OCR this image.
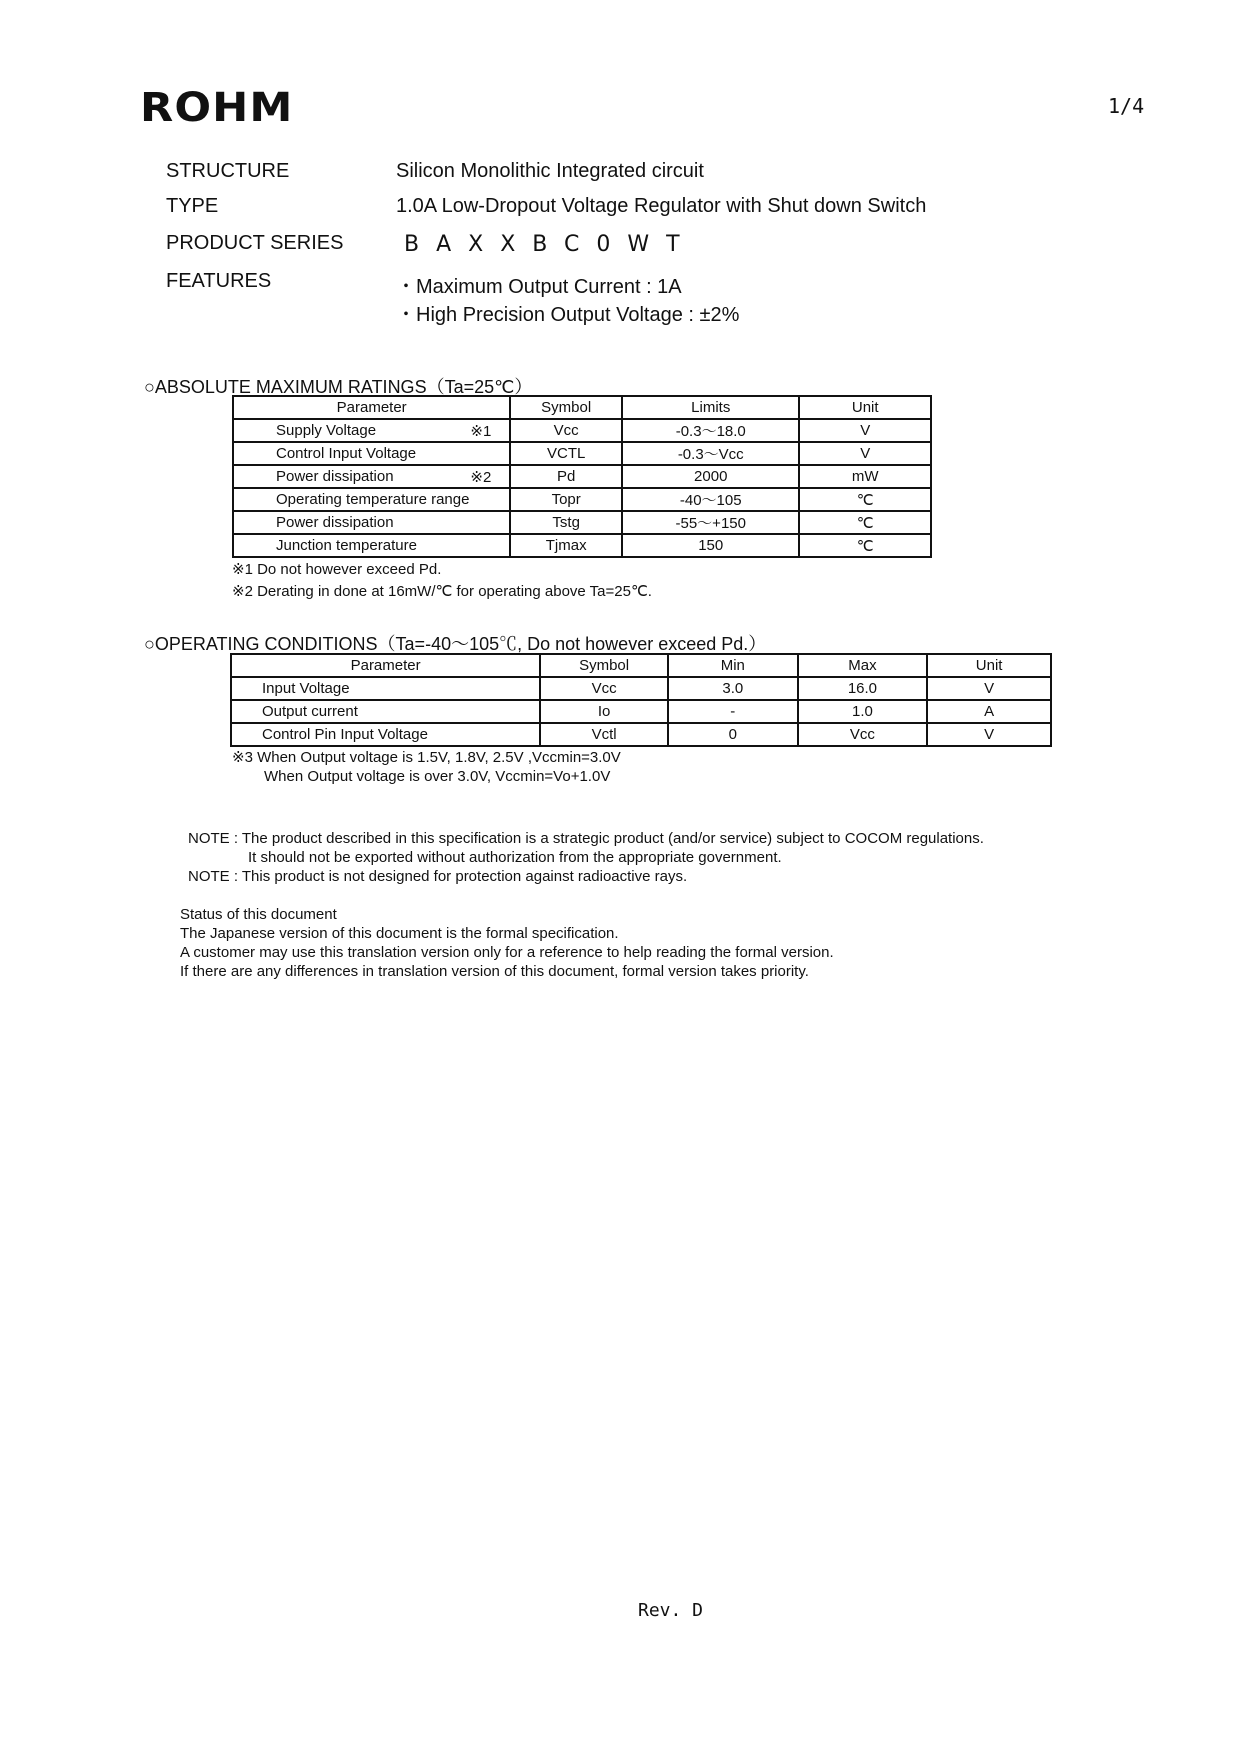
ROHM	1/4
STRUCTURE	Silicon Monolithic Integrated circuit
TYPE	1.0A Low-Dropout Voltage Regulator with Shut down Switch
PRODUCT SERIES	BAXXBC0WT
FEATURES	・Maximum Output Current : 1A
・High Precision Output Voltage : ±2%
○ABSOLUTE MAXIMUM RATINGS（Ta=25℃）
Parameter	Symbol	Limits	Unit
Supply Voltage ※1	Vcc	-0.3～18.0	V
Control Input Voltage	VCTL	-0.3～Vcc	V
Power dissipation ※2	Pd	2000	mW
Operating temperature range	Topr	-40～105	℃
Power dissipation	Tstg	-55～+150	℃
Junction temperature	Tjmax	150	℃
※1 Do not however exceed Pd.
※2 Derating in done at 16mW/℃ for operating above Ta=25℃.
○OPERATING CONDITIONS（Ta=-40～105℃, Do not however exceed Pd.）
Parameter	Symbol	Min	Max	Unit
Input Voltage	Vcc	3.0	16.0	V
Output current	Io	-	1.0	A
Control Pin Input Voltage	Vctl	0	Vcc	V
※3 When Output voltage is 1.5V, 1.8V, 2.5V ,Vccmin=3.0V
When Output voltage is over 3.0V, Vccmin=Vo+1.0V
NOTE : The product described in this specification is a strategic product (and/or service) subject to COCOM regulations.
It should not be exported without authorization from the appropriate government.
NOTE : This product is not designed for protection against radioactive rays.
Status of this document
The Japanese version of this document is the formal specification.
A customer may use this translation version only for a reference to help reading the formal version.
If there are any differences in translation version of this document, formal version takes priority.
Rev. D
